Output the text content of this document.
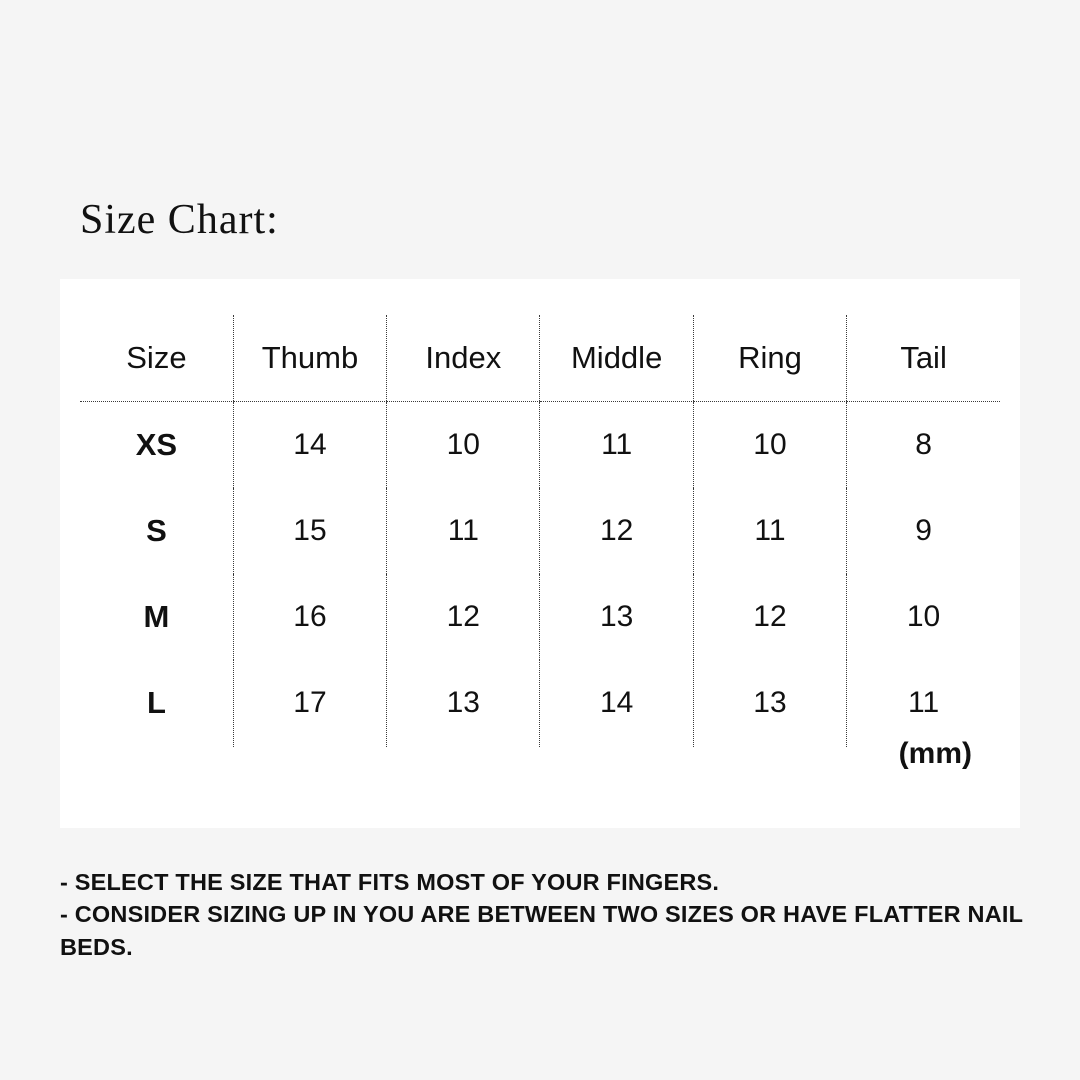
Size Chart:
Size	Thumb	Index	Middle	Ring	Tail
XS	14	10	11	10	8
S	15	11	12	11	9
M	16	12	13	12	10
L	17	13	14	13	11
(mm)
- SELECT THE SIZE THAT FITS MOST OF YOUR FINGERS.
- CONSIDER SIZING UP IN YOU ARE BETWEEN TWO SIZES OR HAVE FLATTER NAIL BEDS.
